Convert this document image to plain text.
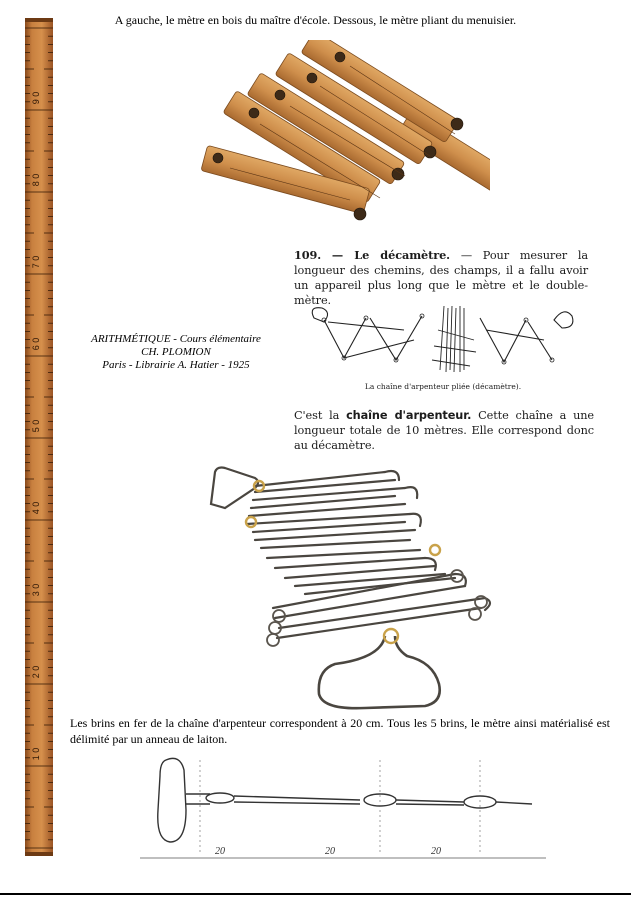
A gauche, le mètre en bois du maître d'école. Dessous, le mètre pliant du menuisier.
1 0
2 0
3 0
4 0
5 0
6 0
7 0
8 0
9 0
ARITHMÉTIQUE - Cours élémentaire
CH. PLOMION
Paris - Librairie A. Hatier - 1925
109. — Le décamètre. — Pour mesurer la longueur des chemins, des champs, il a fallu avoir un appareil plus long que le mètre et le double-mètre.
La chaîne d'arpenteur pliée (décamètre).
C'est la chaîne d'arpenteur. Cette chaîne a une longueur totale de 10 mètres. Elle correspond donc au décamètre.
Les brins en fer de la chaîne d'arpenteur correspondent à 20 cm. Tous les 5 brins, le mètre ainsi matérialisé est délimité par un anneau de laiton.
20	20	20
